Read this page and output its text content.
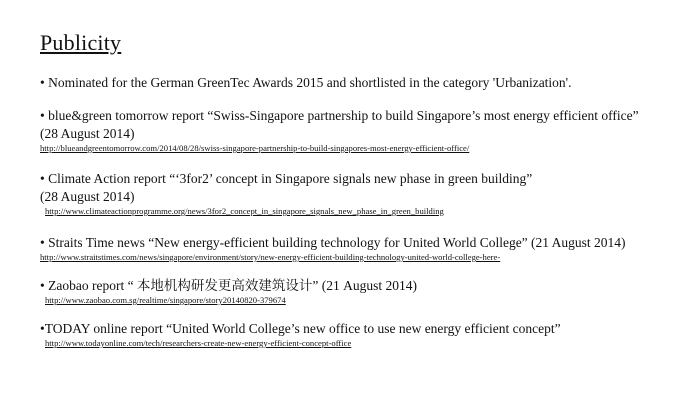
Publicity
• Nominated for the German GreenTec Awards 2015 and shortlisted in the category 'Urbanization'.
• blue&green tomorrow report “Swiss-Singapore partnership to build Singapore’s most energy efficient office”
(28 August 2014)
http://blueandgreentomorrow.com/2014/08/28/swiss-singapore-partnership-to-build-singapores-most-energy-efficient-office/
• Climate Action report “‘3for2’ concept in Singapore signals new phase in green building”
(28 August 2014)
http://www.climateactionprogramme.org/news/3for2_concept_in_singapore_signals_new_phase_in_green_building
• Straits Time news “New energy-efficient building technology for United World College” (21 August 2014)
http://www.straitstimes.com/news/singapore/environment/story/new-energy-efficient-building-technology-united-world-college-here-
• Zaobao report “ 本地机构研发更高效建筑设计” (21 August 2014)
http://www.zaobao.com.sg/realtime/singapore/story20140820-379674
•TODAY online report “United World College’s new office to use new energy efficient concept”
http://www.todayonline.com/tech/researchers-create-new-energy-efficient-concept-office
